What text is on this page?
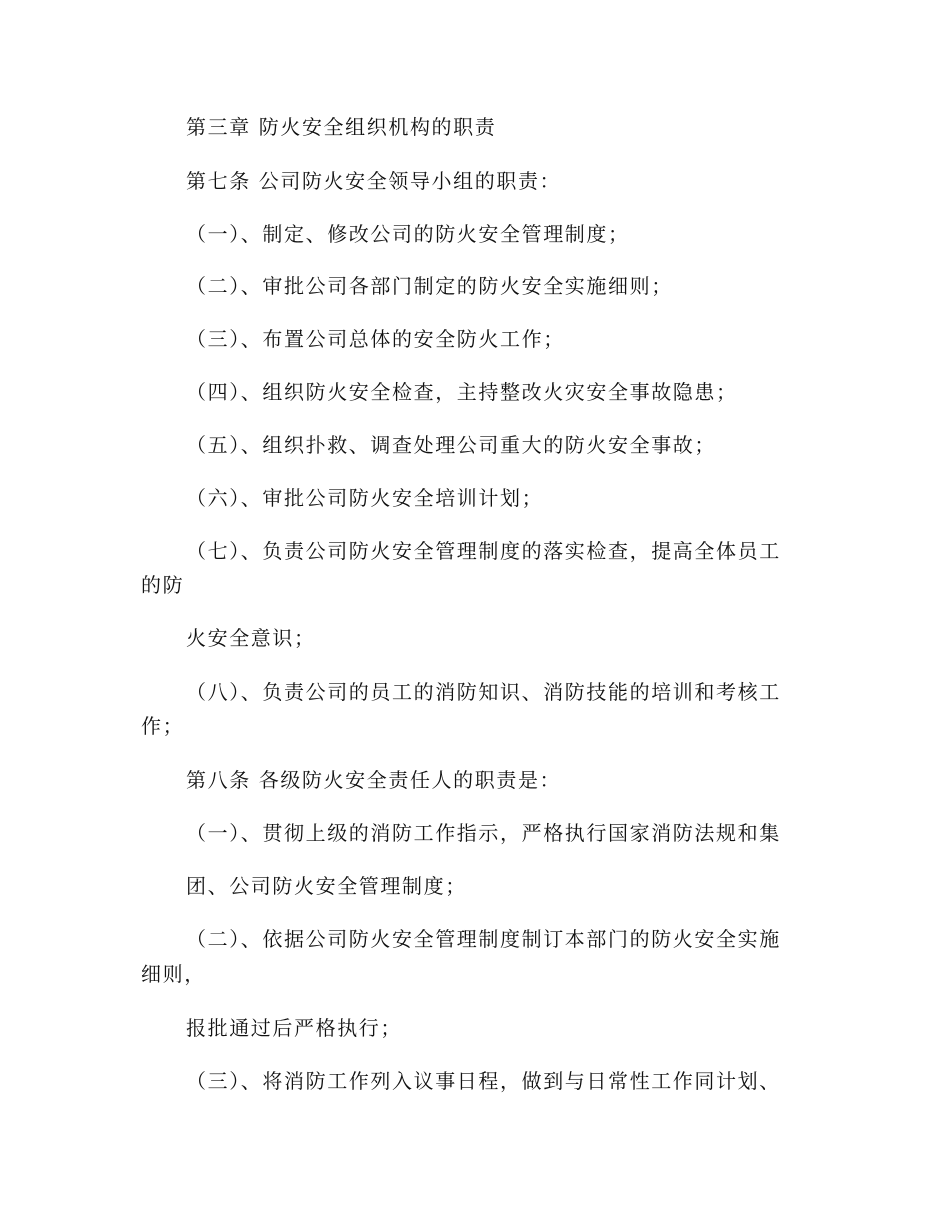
第三章 防火安全组织机构的职责
第七条 公司防火安全领导小组的职责：
（一）、制定、修改公司的防火安全管理制度；
（二）、审批公司各部门制定的防火安全实施细则；
（三）、布置公司总体的安全防火工作；
（四）、组织防火安全检查，主持整改火灾安全事故隐患；
（五）、组织扑救、调查处理公司重大的防火安全事故；
（六）、审批公司防火安全培训计划；
（七）、负责公司防火安全管理制度的落实检查，提高全体员工
的防
火安全意识；
（八）、负责公司的员工的消防知识、消防技能的培训和考核工
作；
第八条 各级防火安全责任人的职责是：
（一）、贯彻上级的消防工作指示，严格执行国家消防法规和集
团、公司防火安全管理制度；
（二）、依据公司防火安全管理制度制订本部门的防火安全实施
细则，
报批通过后严格执行；
（三）、将消防工作列入议事日程，做到与日常性工作同计划、
